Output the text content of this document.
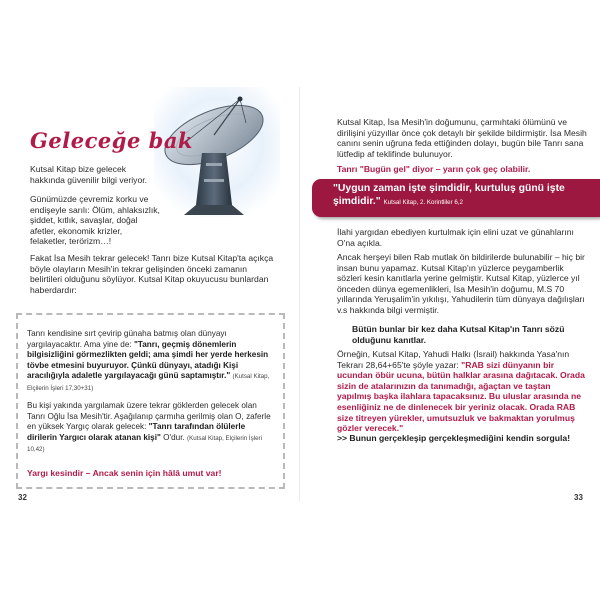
Geleceğe bak

Kutsal Kitap bize gelecek hakkında güvenilir bilgi veriyor.

Günümüzde çevremiz korku ve endişeyle sarılı: Ölüm, ahlaksızlık, şiddet, kıtlık, savaşlar, doğal afetler, ekonomik krizler, felaketler, terörizm…!

Fakat İsa Mesih tekrar gelecek! Tanrı bize Kutsal Kitap'ta açıkça böyle olayların Mesih'in tekrar gelişinden önceki zamanın belirtileri olduğunu söylüyor. Kutsal Kitap okuyucusu bunlardan haberdardır:

Tanrı kendisine sırt çevirip günaha batmış olan dünyayı yargılayacaktır. Ama yine de: "Tanrı, geçmiş dönemlerin bilgisizliğini görmezlikten geldi; ama şimdi her yerde herkesin tövbe etmesini buyuruyor. Çünkü dünyayı, atadığı Kişi aracılığıyla adaletle yargılayacağı günü saptamıştır." (Kutsal Kitap, Elçilerin İşleri 17,30+31)

Bu kişi yakında yargılamak üzere tekrar göklerden gelecek olan Tanrı Oğlu İsa Mesih'tir. Aşağılanıp çarmıha gerilmiş olan O, zaferle en yüksek Yargıç olarak gelecek: "Tanrı tarafından ölülerle dirilerin Yargıcı olarak atanan kişi" O'dur. (Kutsal Kitap, Elçilerin İşleri 10,42)

Yargı kesindir – Ancak senin için hâlâ umut var!
32

Kutsal Kitap, İsa Mesih'in doğumunu, çarmıhtaki ölümünü ve dirilişini yüzyıllar önce çok detaylı bir şekilde bildirmiştir. İsa Mesih canını senin uğruna feda ettiğinden dolayı, bugün bile Tanrı sana lütfedip af teklifinde bulunuyor.

Tanrı "Bugün gel" diyor – yarın çok geç olabilir.
"Uygun zaman işte şimdidir, kurtuluş günü işte şimdidir." Kutsal Kitap, 2. Korintliler 6,2

İlahi yargıdan ebediyen kurtulmak için elini uzat ve günahlarını O'na açıkla.

Ancak herşeyi bilen Rab mutlak ön bildirilerde bulunabilir – hiç bir insan bunu yapamaz. Kutsal Kitap'ın yüzlerce peygamberlik sözleri kesin kanıtlarla yerine gelmiştir. Kutsal Kitap, yüzlerce yıl önceden dünya egemenlikleri, İsa Mesih'in doğumu, M.S 70 yıllarında Yeruşalim'in yıkılışı, Yahudilerin tüm dünyaya dağılışları v.s hakkında bilgi vermiştir.

Bütün bunlar bir kez daha Kutsal Kitap'ın Tanrı sözü olduğunu kanıtlar.

Örneğin, Kutsal Kitap, Yahudi Halkı (İsrail) hakkında Yasa'nın Tekrarı 28,64+65'te şöyle yazar: "RAB sizi dünyanın bir ucundan öbür ucuna, bütün halklar arasına dağıtacak. Orada sizin de atalarınızın da tanımadığı, ağaçtan ve taştan yapılmış başka ilahlara tapacaksınız. Bu uluslar arasında ne esenliğiniz ne de dinlenecek bir yeriniz olacak. Orada RAB size titreyen yürekler, umutsuzluk ve bakmaktan yorulmuş gözler verecek."

>> Bunun gerçekleşip gerçekleşmediğini kendin sorgula!

33
